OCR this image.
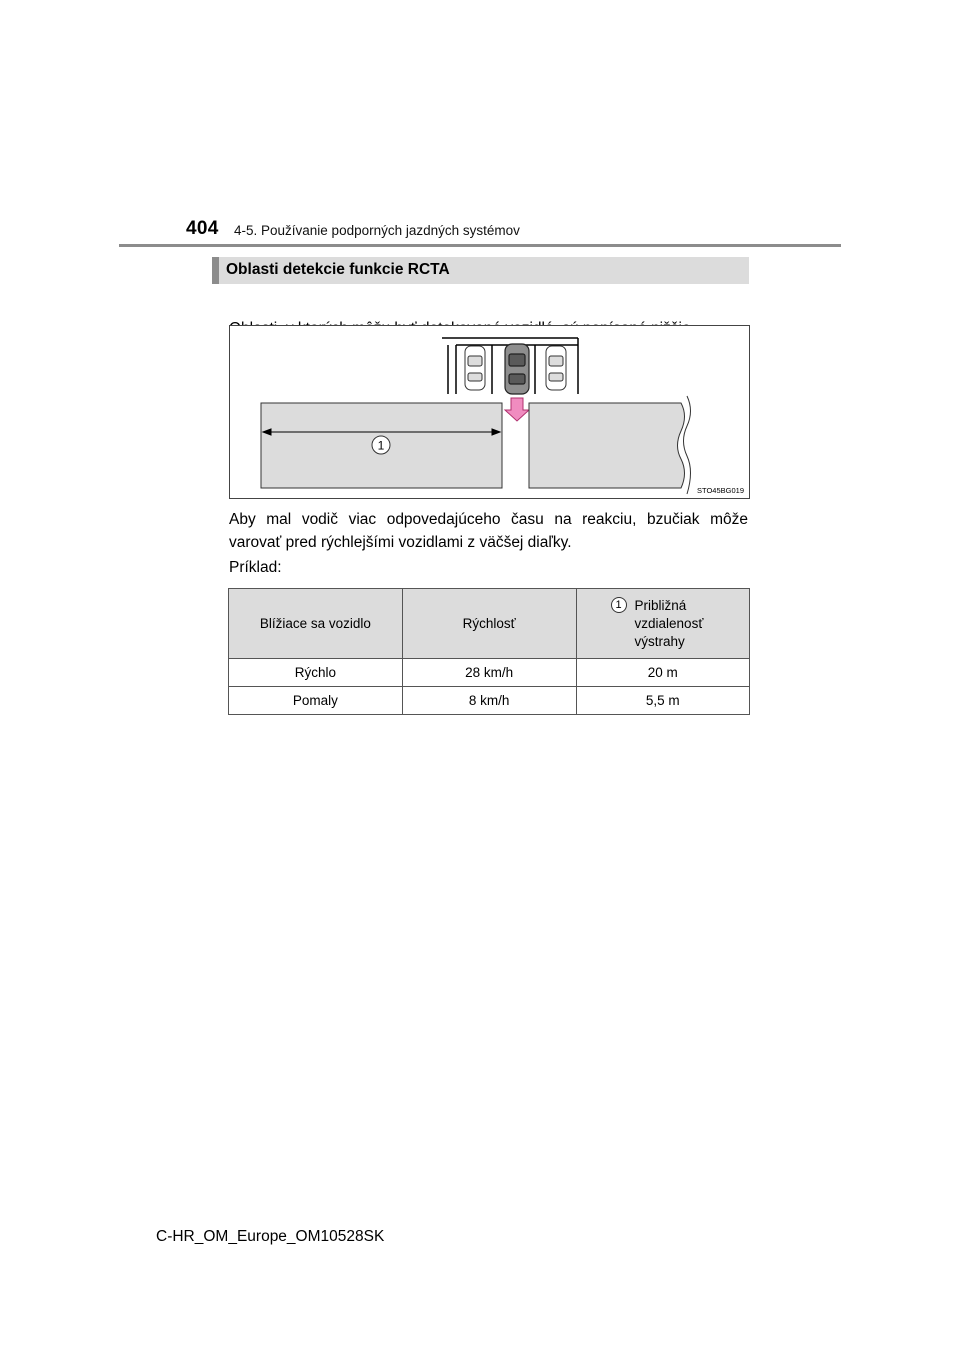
404 4-5. Používanie podporných jazdných systémov
Oblasti detekcie funkcie RCTA
1
STO45BG019
Aby mal vodič viac odpovedajúceho času na reakciu, bzučiak môže varovať pred rýchlejšími vozidlami z väčšej diaľky.
Príklad:
Blížiace sa vozidlo	Rýchlosť	1 Približná
vzdialenosť
výstrahy

Rýchlo	28 km/h	20 m
Pomaly	8 km/h	5,5 m
C-HR_OM_Europe_OM10528SK
